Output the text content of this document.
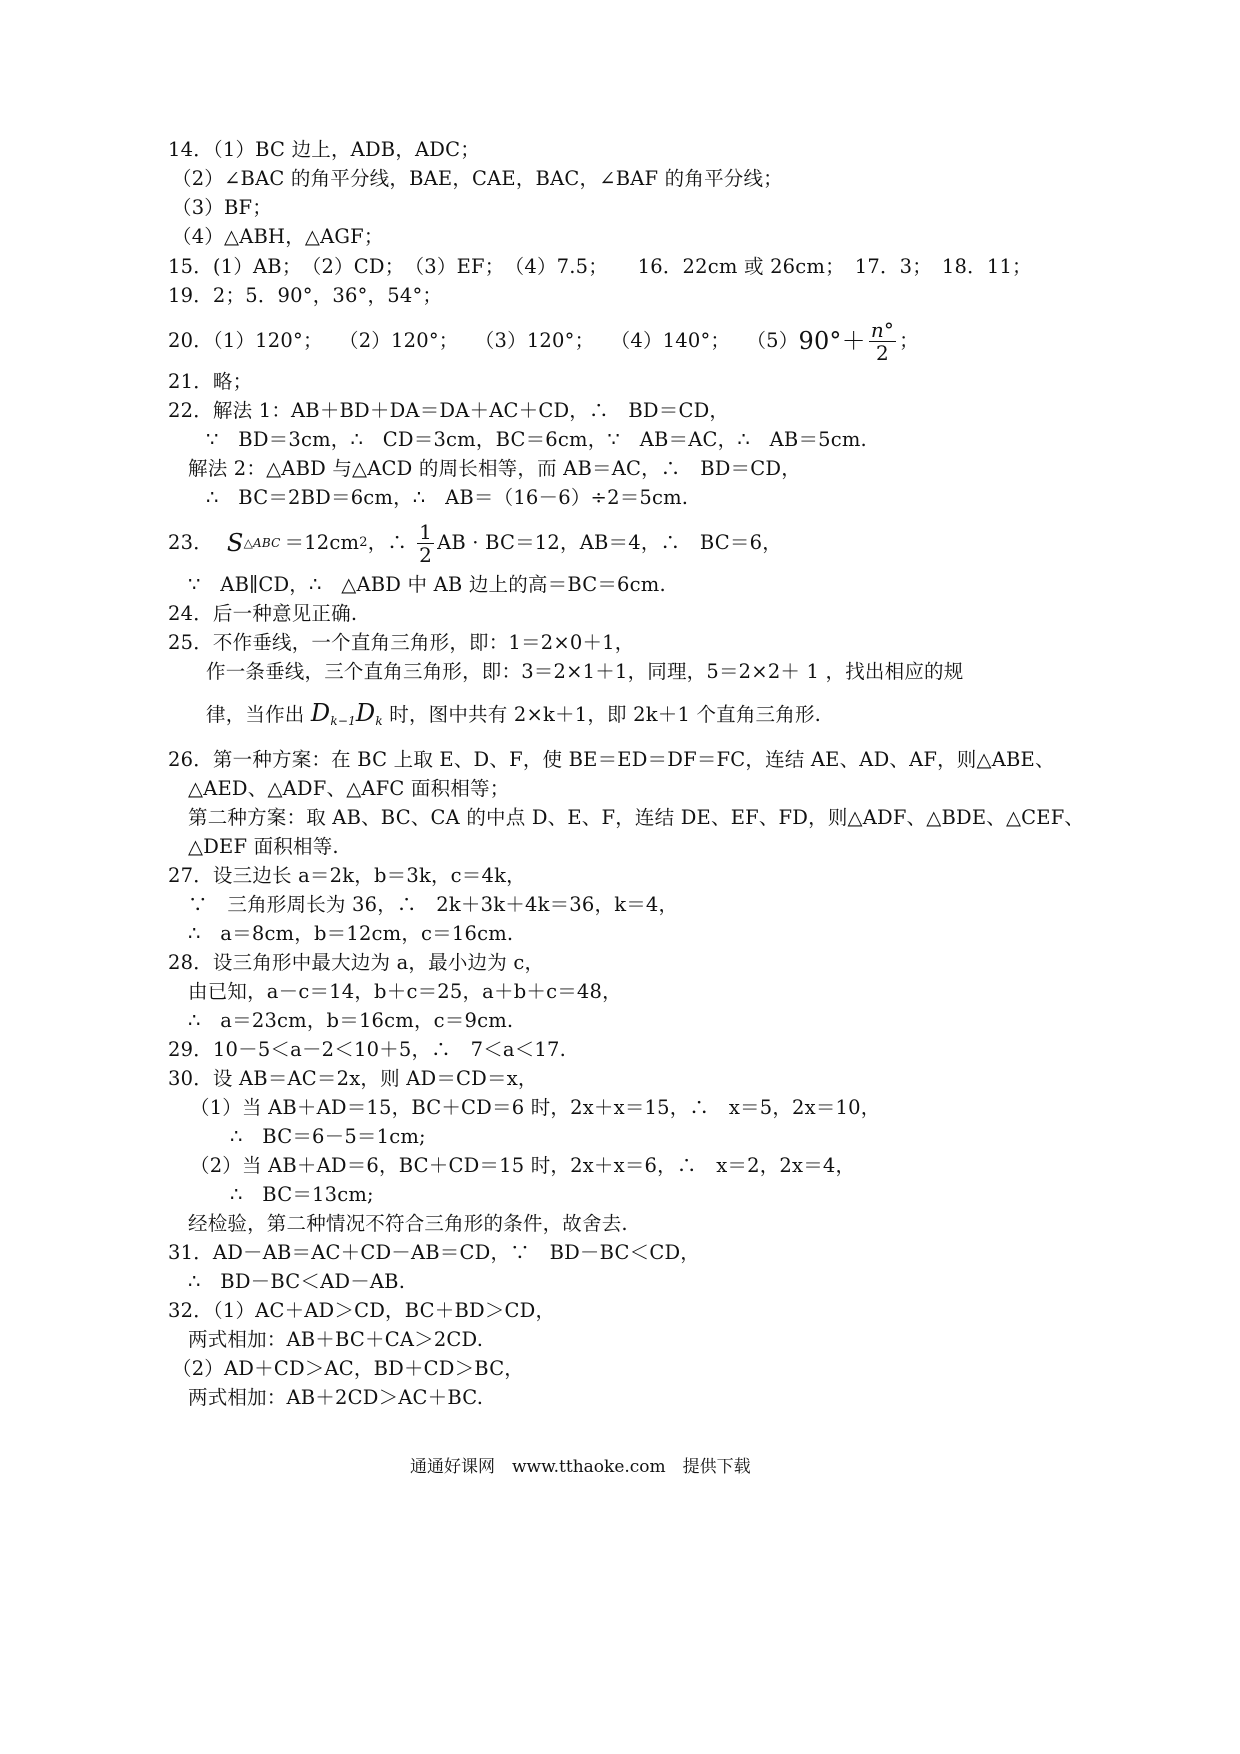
14．（1）BC 边上，ADB，ADC；
（2）∠BAC 的角平分线，BAE，CAE，BAC，∠BAF 的角平分线；
（3）BF；
（4）△ABH，△AGF；
15．(1）AB；　（2）CD；　（3）EF；　（4）7.5；　　16．22cm 或 26cm；　17．3；　18．11；
19．2；5．90°，36°，54°；
20．（1）120°；　 （2）120°；　 （3）120°；　 （4）140°；　 （5） $90^\circ+ \frac{n^\circ}{2}$ ；
21．略；
22．解法 1：AB＋BD＋DA＝DA＋AC＋CD，∴　BD＝CD，
∵　BD＝3cm，∴　CD＝3cm，BC＝6cm，∵　AB＝AC，∴　AB＝5cm.
解法 2：△ABD 与△ACD 的周长相等，而 AB＝AC，∴　BD＝CD，
∴　BC＝2BD＝6cm，∴　AB＝（16－6）÷2＝5cm.
23． S △ABC ＝12cm 2 ，∴ $\frac{1}{2}$ AB · BC＝12，AB＝4，∴　BC＝6，
∵　AB∥CD，∴　△ABD 中 AB 边上的高＝BC＝6cm.
24．后一种意见正确.
25．不作垂线，一个直角三角形，即：1＝2×0＋1，
作一条垂线，三个直角三角形，即：3＝2×1＋1，同理，5＝2×2＋ 1 ，找出相应的规
律，当作出 $D_{k-1}D_k$ 时，图中共有 2×k＋1，即 2k＋1 个直角三角形.
26．第一种方案：在 BC 上取 E、D、F，使 BE＝ED＝DF＝FC，连结 AE、AD、AF，则△ABE、
△AED、△ADF、△AFC 面积相等；
第二种方案：取 AB、BC、CA 的中点 D、E、F，连结 DE、EF、FD，则△ADF、△BDE、△CEF、
△DEF 面积相等.
27．设三边长 a＝2k，b＝3k，c＝4k，
∵　三角形周长为 36，∴　2k＋3k＋4k＝36，k＝4，
∴　a＝8cm，b＝12cm，c＝16cm.
28．设三角形中最大边为 a，最小边为 c，
由已知，a－c＝14，b＋c＝25，a＋b＋c＝48，
∴　a＝23cm，b＝16cm，c＝9cm.
29．10－5＜a－2＜10＋5，∴　7＜a＜17.
30．设 AB＝AC＝2x，则 AD＝CD＝x，
（1）当 AB＋AD＝15，BC＋CD＝6 时，2x＋x＝15，∴　x＝5，2x＝10，
∴　BC＝6－5＝1cm;
（2）当 AB＋AD＝6，BC＋CD＝15 时，2x＋x＝6，∴　x＝2，2x＝4，
∴　BC＝13cm;
经检验，第二种情况不符合三角形的条件，故舍去.
31．AD－AB＝AC＋CD－AB＝CD，∵　BD－BC＜CD，
∴　BD－BC＜AD－AB.
32．（1）AC＋AD＞CD，BC＋BD＞CD，
两式相加：AB＋BC＋CA＞2CD.
（2）AD＋CD＞AC，BD＋CD＞BC，
两式相加：AB＋2CD＞AC＋BC.
通通好课网　www.tthaoke.com　提供下载
